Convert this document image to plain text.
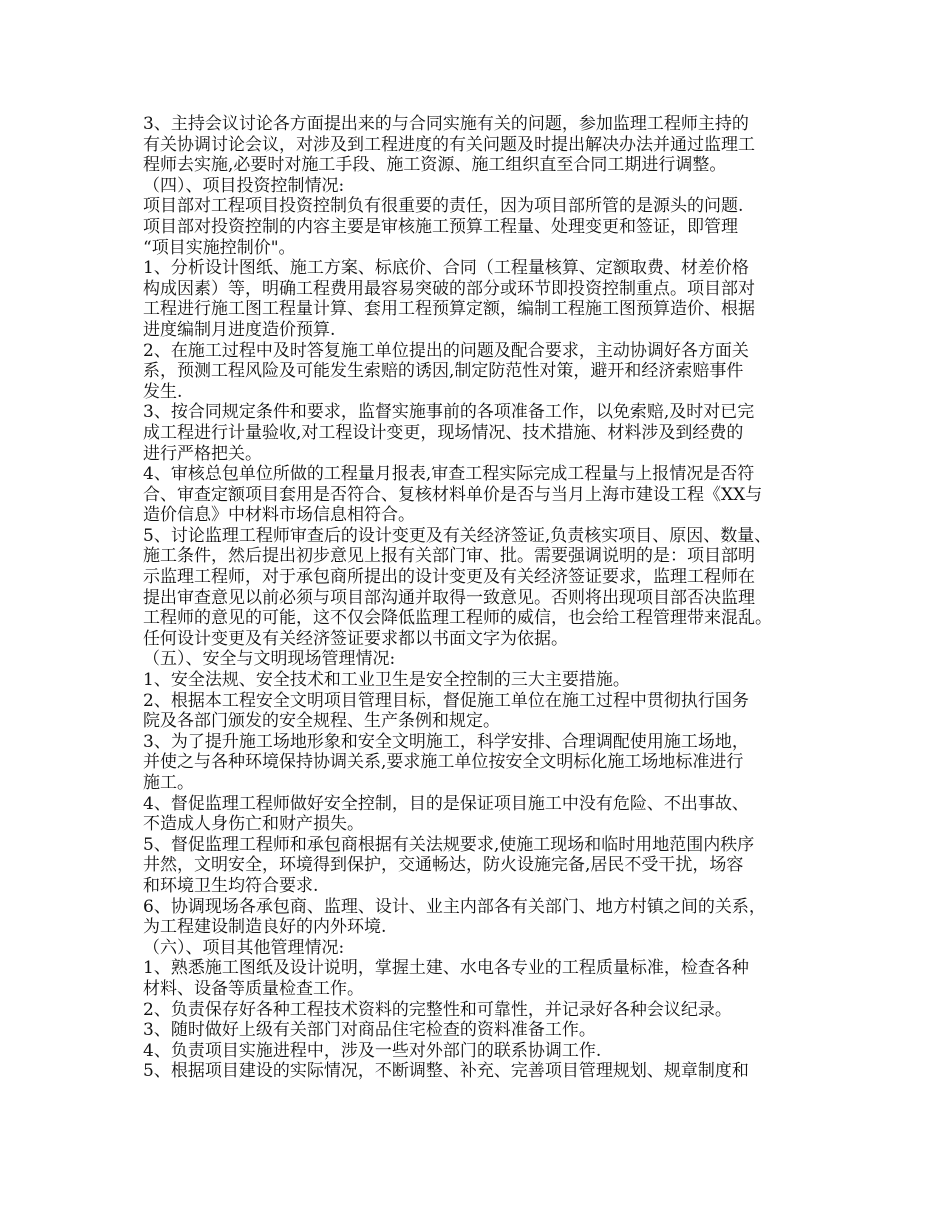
3、主持会议讨论各方面提出来的与合同实施有关的问题，参加监理工程师主持的
有关协调讨论会议，对涉及到工程进度的有关问题及时提出解决办法并通过监理工
程师去实施,必要时对施工手段、施工资源、施工组织直至合同工期进行调整。
（四）、项目投资控制情况:
项目部对工程项目投资控制负有很重要的责任，因为项目部所管的是源头的问题.
项目部对投资控制的内容主要是审核施工预算工程量、处理变更和签证，即管理
“项目实施控制价"。
1、分析设计图纸、施工方案、标底价、合同（工程量核算、定额取费、材差价格
构成因素）等，明确工程费用最容易突破的部分或环节即投资控制重点。项目部对
工程进行施工图工程量计算、套用工程预算定额，编制工程施工图预算造价、根据
进度编制月进度造价预算.
2、在施工过程中及时答复施工单位提出的问题及配合要求，主动协调好各方面关
系，预测工程风险及可能发生索赔的诱因,制定防范性对策，避开和经济索赔事件
发生.
3、按合同规定条件和要求，监督实施事前的各项准备工作，以免索赔,及时对已完
成工程进行计量验收,对工程设计变更，现场情况、技术措施、材料涉及到经费的
进行严格把关。
4、审核总包单位所做的工程量月报表,审查工程实际完成工程量与上报情况是否符
合、审查定额项目套用是否符合、复核材料单价是否与当月上海市建设工程《XX与
造价信息》中材料市场信息相符合。
5、讨论监理工程师审查后的设计变更及有关经济签证,负责核实项目、原因、数量、
施工条件，然后提出初步意见上报有关部门审、批。需要强调说明的是：项目部明
示监理工程师，对于承包商所提出的设计变更及有关经济签证要求，监理工程师在
提出审查意见以前必须与项目部沟通并取得一致意见。否则将出现项目部否决监理
工程师的意见的可能，这不仅会降低监理工程师的威信，也会给工程管理带来混乱。
任何设计变更及有关经济签证要求都以书面文字为依据。
（五）、安全与文明现场管理情况:
1、安全法规、安全技术和工业卫生是安全控制的三大主要措施。
2、根据本工程安全文明项目管理目标，督促施工单位在施工过程中贯彻执行国务
院及各部门颁发的安全规程、生产条例和规定。
3、为了提升施工场地形象和安全文明施工，科学安排、合理调配使用施工场地，
并使之与各种环境保持协调关系,要求施工单位按安全文明标化施工场地标准进行
施工。
4、督促监理工程师做好安全控制，目的是保证项目施工中没有危险、不出事故、
不造成人身伤亡和财产损失。
5、督促监理工程师和承包商根据有关法规要求,使施工现场和临时用地范围内秩序
井然，文明安全，环境得到保护，交通畅达，防火设施完备,居民不受干扰，场容
和环境卫生均符合要求.
6、协调现场各承包商、监理、设计、业主内部各有关部门、地方村镇之间的关系，
为工程建设制造良好的内外环境.
（六）、项目其他管理情况:
1、熟悉施工图纸及设计说明，掌握土建、水电各专业的工程质量标准，检查各种
材料、设备等质量检查工作。
2、负责保存好各种工程技术资料的完整性和可靠性，并记录好各种会议纪录。
3、随时做好上级有关部门对商品住宅检查的资料准备工作。
4、负责项目实施进程中，涉及一些对外部门的联系协调工作.
5、根据项目建设的实际情况，不断调整、补充、完善项目管理规划、规章制度和
